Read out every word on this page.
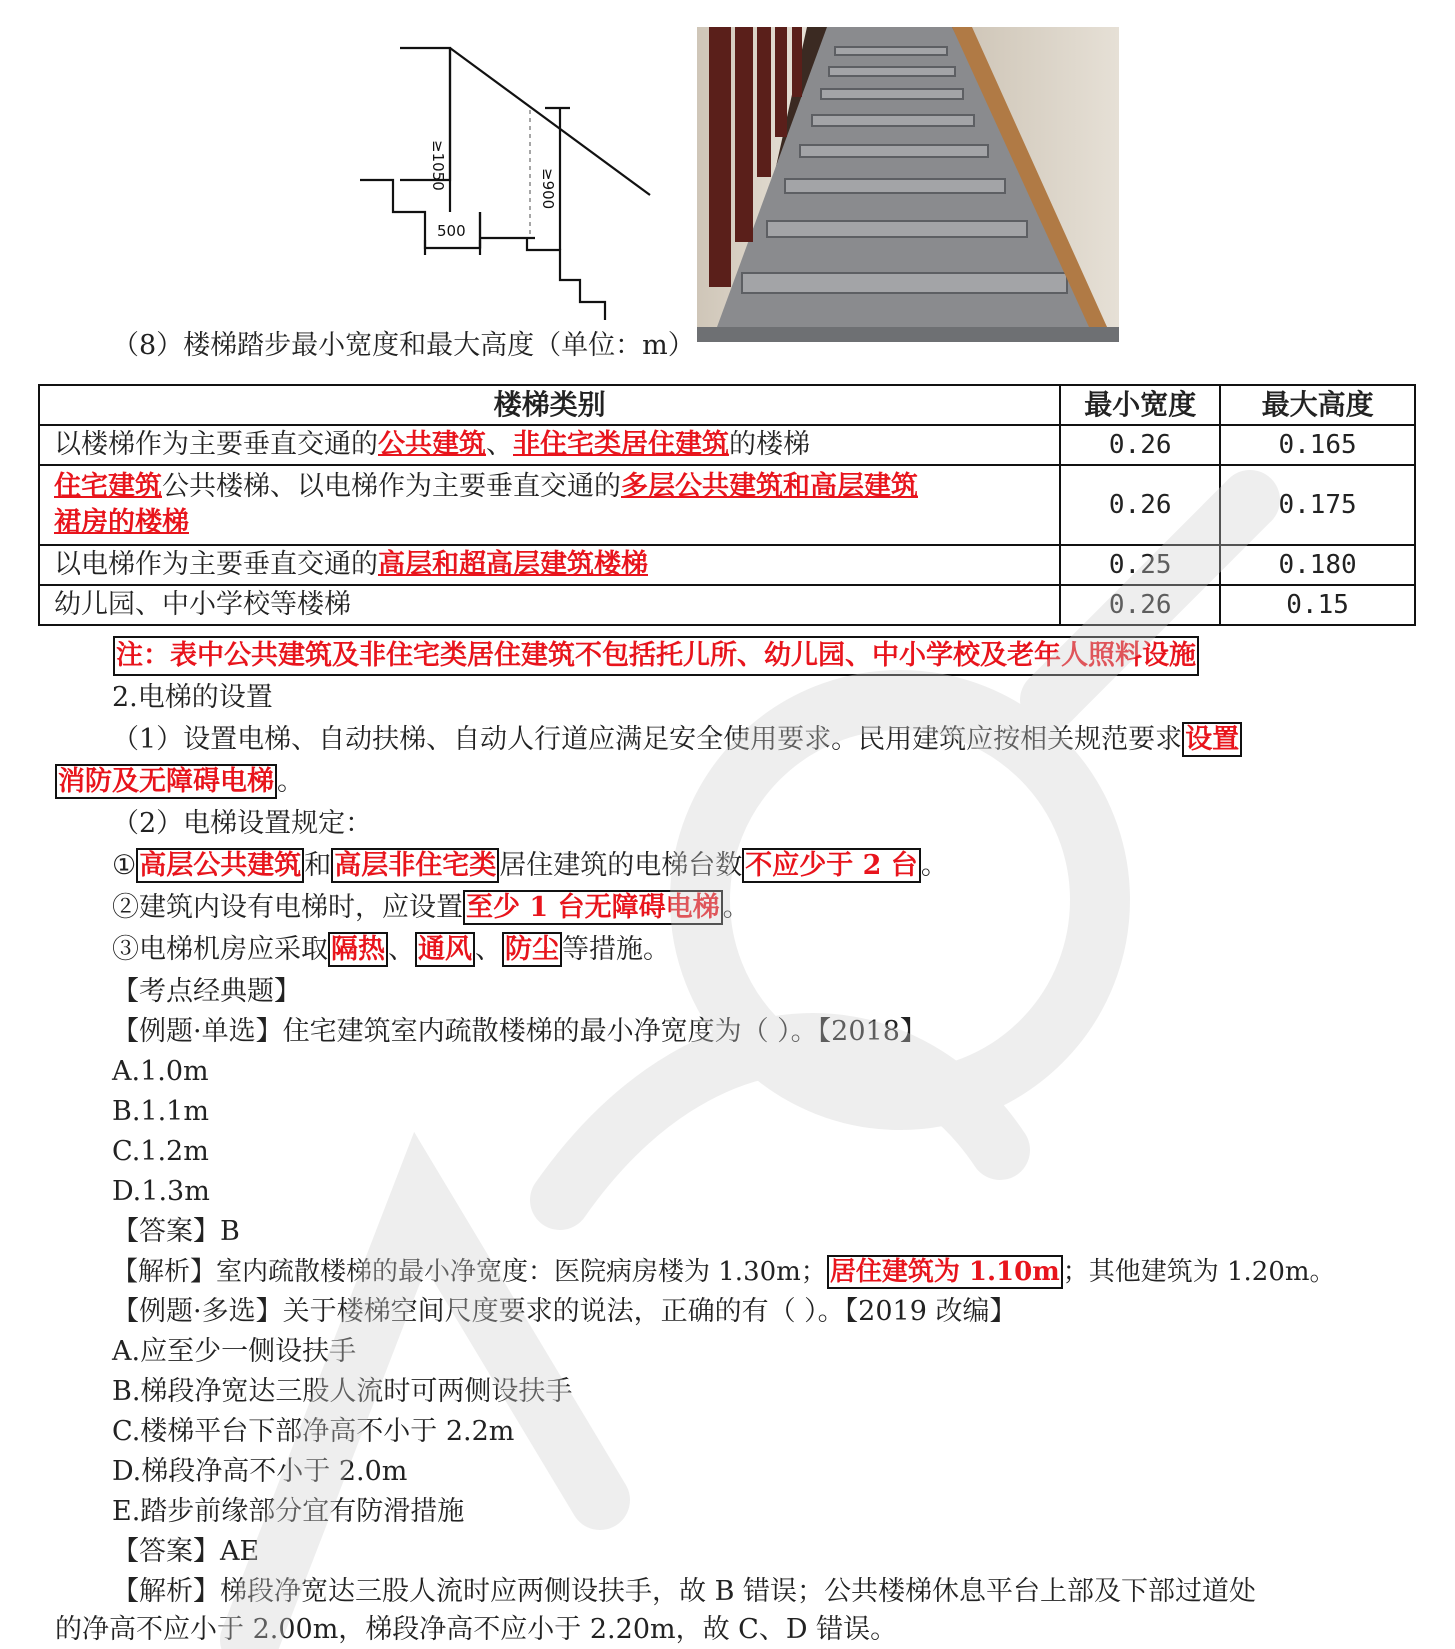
≥1050	≥900
500
（8）楼梯踏步最小宽度和最大高度（单位：m）
楼梯类别	最小宽度	最大高度
以楼梯作为主要垂直交通的公共建筑、非住宅类居住建筑的楼梯	0.26	0.165
住宅建筑公共楼梯、以电梯作为主要垂直交通的多层公共建筑和高层建筑
裙房的楼梯	0.26	0.175
以电梯作为主要垂直交通的高层和超高层建筑楼梯	0.25	0.180
幼儿园、中小学校等楼梯	0.26	0.15
注：表中公共建筑及非住宅类居住建筑不包括托儿所、幼儿园、中小学校及老年人照料设施
2.电梯的设置
（1）设置电梯、自动扶梯、自动人行道应满足安全使用要求。民用建筑应按相关规范要求 设置
消防及无障碍电梯 。
（2）电梯设置规定：
① 高层公共建筑 和 高层非住宅类 居住建筑的电梯台数 不应少于 2 台 。
②建筑内设有电梯时，应设置 至少 1 台无障碍电梯 。
③电梯机房应采取 隔热 、 通风 、 防尘 等措施。
【考点经典题】
【例题·单选】住宅建筑室内疏散楼梯的最小净宽度为（ ）。【2018】
A.1.0m
B.1.1m
C.1.2m
D.1.3m
【答案】B
【解析】室内疏散楼梯的最小净宽度：医院病房楼为 1.30m； 居住建筑为 1.10m ；其他建筑为 1.20m。
【例题·多选】关于楼梯空间尺度要求的说法，正确的有（ ）。【2019 改编】
A.应至少一侧设扶手
B.梯段净宽达三股人流时可两侧设扶手
C.楼梯平台下部净高不小于 2.2m
D.梯段净高不小于 2.0m
E.踏步前缘部分宜有防滑措施
【答案】AE
【解析】梯段净宽达三股人流时应两侧设扶手，故 B 错误；公共楼梯休息平台上部及下部过道处
的净高不应小于 2.00m，梯段净高不应小于 2.20m，故 C、D 错误。
